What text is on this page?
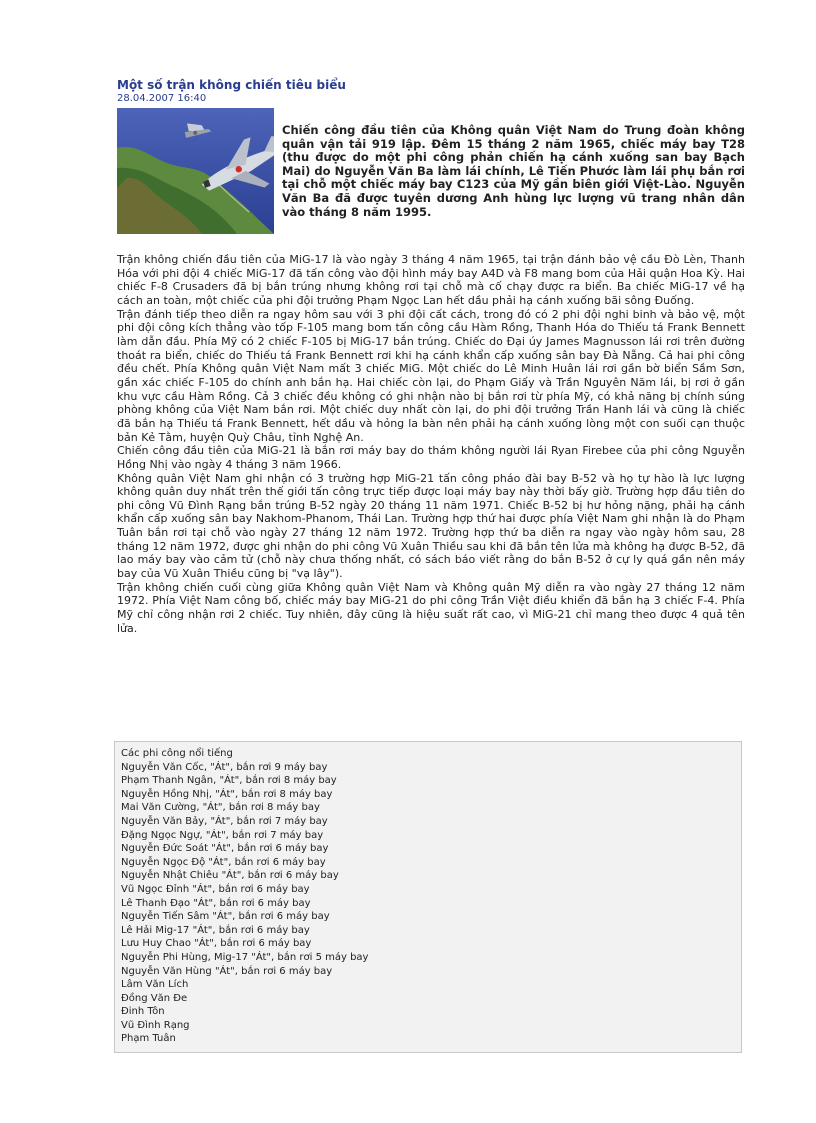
Một số trận không chiến tiêu biểu
28.04.2007 16:40
Chiến công đầu tiên của Không quân Việt Nam do Trung đoàn không quân vận tải 919 lập. Đêm 15 tháng 2 năm 1965, chiếc máy bay T28 (thu được do một phi công phản chiến hạ cánh xuống san bay Bạch Mai) do Nguyễn Văn Ba làm lái chính, Lê Tiến Phước làm lái phụ bắn rơi tại chỗ một chiếc máy bay C123 của Mỹ gần biên giới Việt-Lào. Nguyễn Văn Ba đã được tuyên dương Anh hùng lực lượng vũ trang nhân dân vào tháng 8 năm 1995.

Trận không chiến đầu tiên của MiG-17 là vào ngày 3 tháng 4 năm 1965, tại trận đánh bảo vệ cầu Đò Lèn, Thanh Hóa với phi đội 4 chiếc MiG-17 đã tấn công vào đội hình máy bay A4D và F8 mang bom của Hải quận Hoa Kỳ. Hai chiếc F-8 Crusaders đã bị bắn trúng nhưng không rơi tại chỗ mà cố chạy được ra biển. Ba chiếc MiG-17 về hạ cách an toàn, một chiếc của phi đội trưởng Phạm Ngọc Lan hết dầu phải hạ cánh xuống bãi sông Đuống.

Trận đánh tiếp theo diễn ra ngay hôm sau với 3 phi đội cất cách, trong đó có 2 phi đội nghi binh và bảo vệ, một phi đội công kích thẳng vào tốp F-105 mang bom tấn công cầu Hàm Rồng, Thanh Hóa do Thiếu tá Frank Bennett làm dẫn đầu. Phía Mỹ có 2 chiếc F-105 bị MiG-17 bắn trúng. Chiếc do Đại úy James Magnusson lái rơi trên đường thoát ra biển, chiếc do Thiếu tá Frank Bennett rơi khi hạ cánh khẩn cấp xuống sân bay Đà Nẵng. Cả hai phi công đều chết. Phía Không quân Việt Nam mất 3 chiếc MiG. Một chiếc do Lê Minh Huân lái rơi gần bờ biển Sầm Sơn, gần xác chiếc F-105 do chính anh bắn hạ. Hai chiếc còn lại, do Phạm Giấy và Trần Nguyên Năm lái, bị rơi ở gần khu vực cầu Hàm Rồng. Cả 3 chiếc đều không có ghi nhận nào bị bắn rơi từ phía Mỹ, có khả năng bị chính súng phòng không của Việt Nam bắn rơi. Một chiếc duy nhất còn lại, do phi đội trưởng Trần Hanh lái và cũng là chiếc đã bắn hạ Thiếu tá Frank Bennett, hết dầu và hỏng la bàn nên phải hạ cánh xuống lòng một con suối cạn thuộc bản Kẻ Tằm, huyện Quỳ Châu, tỉnh Nghệ An.

Chiến công đầu tiên của MiG-21 là bắn rơi máy bay do thám không người lái Ryan Firebee của phi công Nguyễn Hồng Nhị vào ngày 4 tháng 3 năm 1966.

Không quân Việt Nam ghi nhận có 3 trường hợp MiG-21 tấn công pháo đài bay B-52 và họ tự hào là lực lượng không quân duy nhất trên thế giới tấn công trực tiếp được loại máy bay này thời bấy giờ. Trường hợp đầu tiên do phi công Vũ Đình Rạng bắn trúng B-52 ngày 20 tháng 11 năm 1971. Chiếc B-52 bị hư hỏng nặng, phải hạ cánh khẩn cấp xuống sân bay Nakhom-Phanom, Thái Lan. Trường hợp thứ hai được phía Việt Nam ghi nhận là do Phạm Tuân bắn rơi tại chỗ vào ngày 27 tháng 12 năm 1972. Trường hợp thứ ba diễn ra ngay vào ngày hôm sau, 28 tháng 12 năm 1972, được ghi nhận do phi công Vũ Xuân Thiều sau khi đã bắn tên lửa mà không hạ được B-52, đã lao máy bay vào cảm tử (chỗ này chưa thống nhất, có sách báo viết rằng do bắn B-52 ở cự ly quá gần nên máy bay của Vũ Xuân Thiều cũng bị "vạ lây").

Trận không chiến cuối cùng giữa Không quân Việt Nam và Không quân Mỹ diễn ra vào ngày 27 tháng 12 năm 1972. Phía Việt Nam công bố, chiếc máy bay MiG-21 do phi công Trần Việt điều khiển đã bắn hạ 3 chiếc F-4. Phía Mỹ chỉ công nhận rơi 2 chiếc. Tuy nhiên, đây cũng là hiệu suất rất cao, vì MiG-21 chỉ mang theo được 4 quả tên lửa.

Các phi công nổi tiếng
Nguyễn Văn Cốc, "Át", bắn rơi 9 máy bay
Phạm Thanh Ngân, "Át", bắn rơi 8 máy bay
Nguyễn Hồng Nhị, "Át", bắn rơi 8 máy bay
Mai Văn Cường, "Át", bắn rơi 8 máy bay
Nguyễn Văn Bảy, "Át", bắn rơi 7 máy bay
Đặng Ngọc Ngự, "Át", bắn rơi 7 máy bay
Nguyễn Đức Soát "Át", bắn rơi 6 máy bay
Nguyễn Ngọc Độ "Át", bắn rơi 6 máy bay
Nguyễn Nhật Chiêu "Át", bắn rơi 6 máy bay
Vũ Ngọc Đỉnh "Át", bắn rơi 6 máy bay
Lê Thanh Đạo "Át", bắn rơi 6 máy bay
Nguyễn Tiến Sâm "Át", bắn rơi 6 máy bay
Lê Hải Mig-17 "Át", bắn rơi 6 máy bay
Lưu Huy Chao "Át", bắn rơi 6 máy bay
Nguyễn Phi Hùng, Mig-17 "Át", bắn rơi 5 máy bay
Nguyễn Văn Hùng "Át", bắn rơi 6 máy bay
Lâm Văn Lích
Đồng Văn Đe
Đinh Tôn
Vũ Đình Rạng
Phạm Tuân
